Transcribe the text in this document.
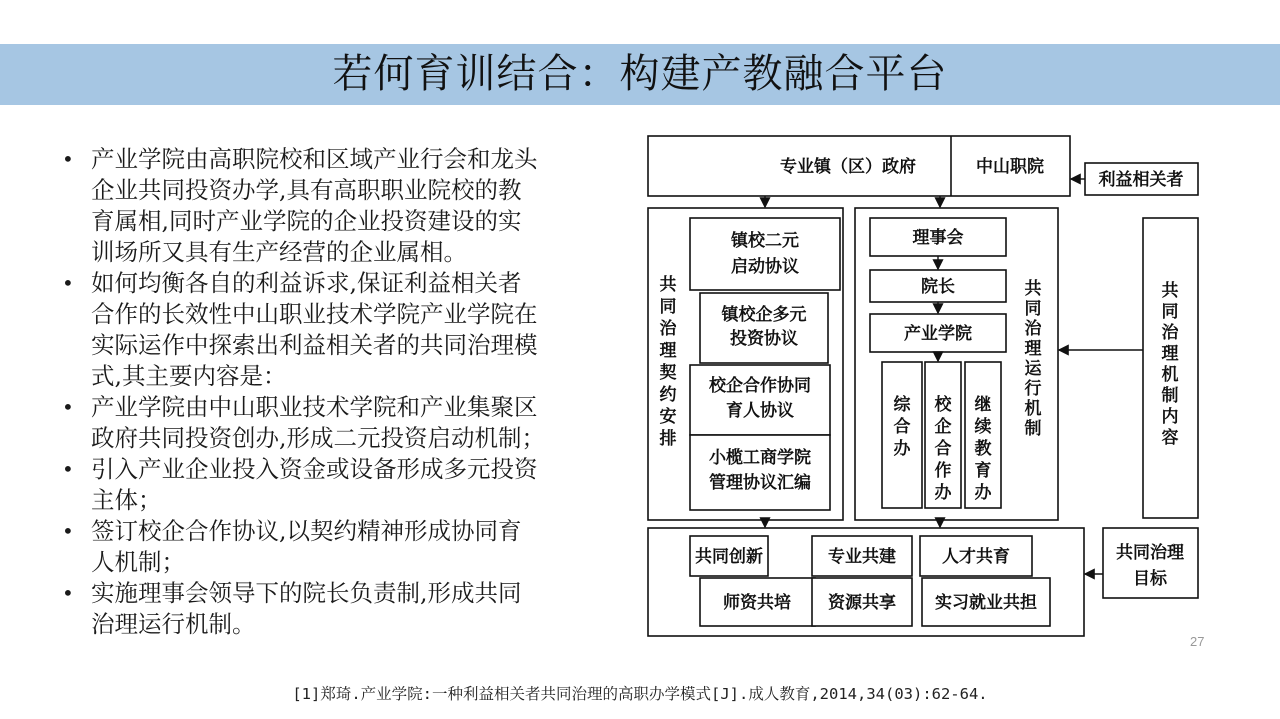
若何育训结合：构建产教融合平台
• 产业学院由高职院校和区域产业行会和龙头
企业共同投资办学,具有高职职业院校的教
育属相,同时产业学院的企业投资建设的实
训场所又具有生产经营的企业属相。
• 如何均衡各自的利益诉求,保证利益相关者
合作的长效性中山职业技术学院产业学院在
实际运作中探索出利益相关者的共同治理模
式,其主要内容是：
• 产业学院由中山职业技术学院和产业集聚区
政府共同投资创办,形成二元投资启动机制；
• 引入产业企业投入资金或设备形成多元投资
主体；
• 签订校企合作协议,以契约精神形成协同育
人机制；
• 实施理事会领导下的院长负责制,形成共同
治理运行机制。
专业镇（区）政府	中山职院
利益相关者
共
同
治
理
契
约
安
排
镇校二元
启动协议
镇校企多元
投资协议
校企合作协同
育人协议
小榄工商学院
管理协议汇编
理事会
院长
产业学院
综
合
办
校
企
合
作
办
继
续
教
育
办
共
同
治
理
运
行
机
制
共
同
治
理
机
制
内
容
共同创新	专业共建	人才共育
师资共培 资源共享 实习就业共担
共同治理
目标
27
[1]郑琦.产业学院:一种利益相关者共同治理的高职办学模式[J].成人教育,2014,34(03):62-64.
